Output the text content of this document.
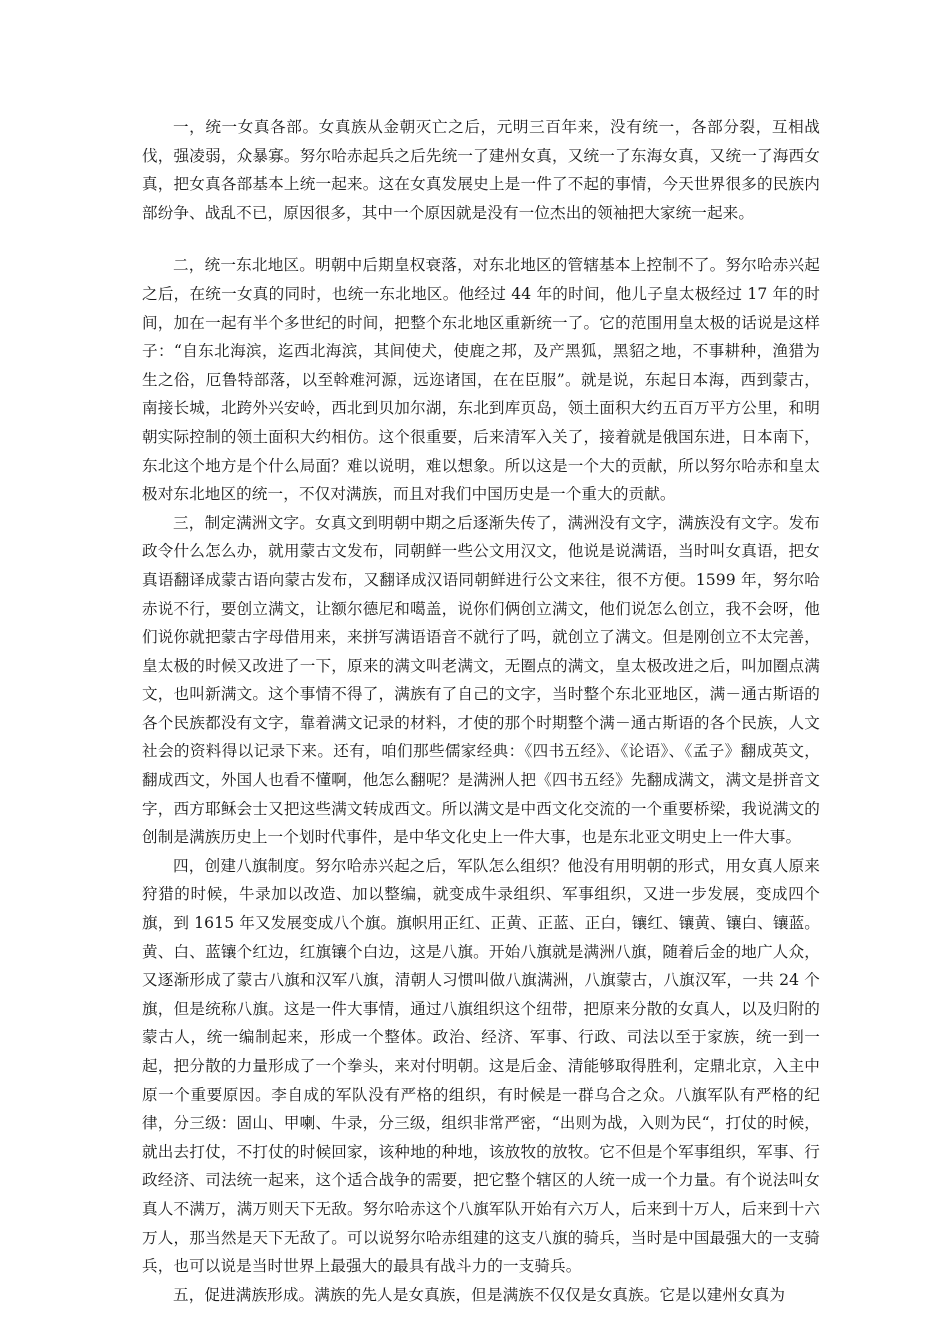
一，统一女真各部。女真族从金朝灭亡之后，元明三百年来，没有统一，各部分裂，互相战伐，强凌弱，众暴寡。努尔哈赤起兵之后先统一了建州女真，又统一了东海女真，又统一了海西女真，把女真各部基本上统一起来。这在女真发展史上是一件了不起的事情，今天世界很多的民族内部纷争、战乱不已，原因很多，其中一个原因就是没有一位杰出的领袖把大家统一起来。

二，统一东北地区。明朝中后期皇权衰落，对东北地区的管辖基本上控制不了。努尔哈赤兴起之后，在统一女真的同时，也统一东北地区。他经过 44 年的时间，他儿子皇太极经过 17 年的时间，加在一起有半个多世纪的时间，把整个东北地区重新统一了。它的范围用皇太极的话说是这样子：“自东北海滨，迄西北海滨，其间使犬，使鹿之邦，及产黑狐，黑貂之地，不事耕种，渔猎为生之俗，厄鲁特部落，以至斡难河源，远迩诸国，在在臣服”。就是说，东起日本海，西到蒙古，南接长城，北跨外兴安岭，西北到贝加尔湖，东北到库页岛，领土面积大约五百万平方公里，和明朝实际控制的领土面积大约相仿。这个很重要，后来清军入关了，接着就是俄国东进，日本南下，东北这个地方是个什么局面？难以说明，难以想象。所以这是一个大的贡献，所以努尔哈赤和皇太极对东北地区的统一，不仅对满族，而且对我们中国历史是一个重大的贡献。

三，制定满洲文字。女真文到明朝中期之后逐渐失传了，满洲没有文字，满族没有文字。发布政令什么怎么办，就用蒙古文发布，同朝鲜一些公文用汉文，他说是说满语，当时叫女真语，把女真语翻译成蒙古语向蒙古发布，又翻译成汉语同朝鲜进行公文来往，很不方便。1599 年，努尔哈赤说不行，要创立满文，让额尔德尼和噶盖，说你们俩创立满文，他们说怎么创立，我不会呀，他们说你就把蒙古字母借用来，来拼写满语语音不就行了吗，就创立了满文。但是刚创立不太完善，皇太极的时候又改进了一下，原来的满文叫老满文，无圈点的满文，皇太极改进之后，叫加圈点满文，也叫新满文。这个事情不得了，满族有了自己的文字，当时整个东北亚地区，满－通古斯语的各个民族都没有文字，靠着满文记录的材料，才使的那个时期整个满－通古斯语的各个民族，人文社会的资料得以记录下来。还有，咱们那些儒家经典：《四书五经》、《论语》、《孟子》翻成英文，翻成西文，外国人也看不懂啊，他怎么翻呢？是满洲人把《四书五经》先翻成满文，满文是拼音文字，西方耶稣会士又把这些满文转成西文。所以满文是中西文化交流的一个重要桥梁，我说满文的创制是满族历史上一个划时代事件，是中华文化史上一件大事，也是东北亚文明史上一件大事。

四，创建八旗制度。努尔哈赤兴起之后，军队怎么组织？他没有用明朝的形式，用女真人原来狩猎的时候，牛录加以改造、加以整编，就变成牛录组织、军事组织，又进一步发展，变成四个旗，到 1615 年又发展变成八个旗。旗帜用正红、正黄、正蓝、正白，镶红、镶黄、镶白、镶蓝。黄、白、蓝镶个红边，红旗镶个白边，这是八旗。开始八旗就是满洲八旗，随着后金的地广人众，又逐渐形成了蒙古八旗和汉军八旗，清朝人习惯叫做八旗满洲，八旗蒙古，八旗汉军，一共 24 个旗，但是统称八旗。这是一件大事情，通过八旗组织这个纽带，把原来分散的女真人，以及归附的蒙古人，统一编制起来，形成一个整体。政治、经济、军事、行政、司法以至于家族，统一到一起，把分散的力量形成了一个拳头，来对付明朝。这是后金、清能够取得胜利，定鼎北京，入主中原一个重要原因。李自成的军队没有严格的组织，有时候是一群乌合之众。八旗军队有严格的纪律，分三级：固山、甲喇、牛录，分三级，组织非常严密，“出则为战，入则为民“，打仗的时候，就出去打仗，不打仗的时候回家，该种地的种地，该放牧的放牧。它不但是个军事组织，军事、行政经济、司法统一起来，这个适合战争的需要，把它整个辖区的人统一成一个力量。有个说法叫女真人不满万，满万则天下无敌。努尔哈赤这个八旗军队开始有六万人，后来到十万人，后来到十六万人，那当然是天下无敌了。可以说努尔哈赤组建的这支八旗的骑兵，当时是中国最强大的一支骑兵，也可以说是当时世界上最强大的最具有战斗力的一支骑兵。

五，促进满族形成。满族的先人是女真族，但是满族不仅仅是女真族。它是以建州女真为
